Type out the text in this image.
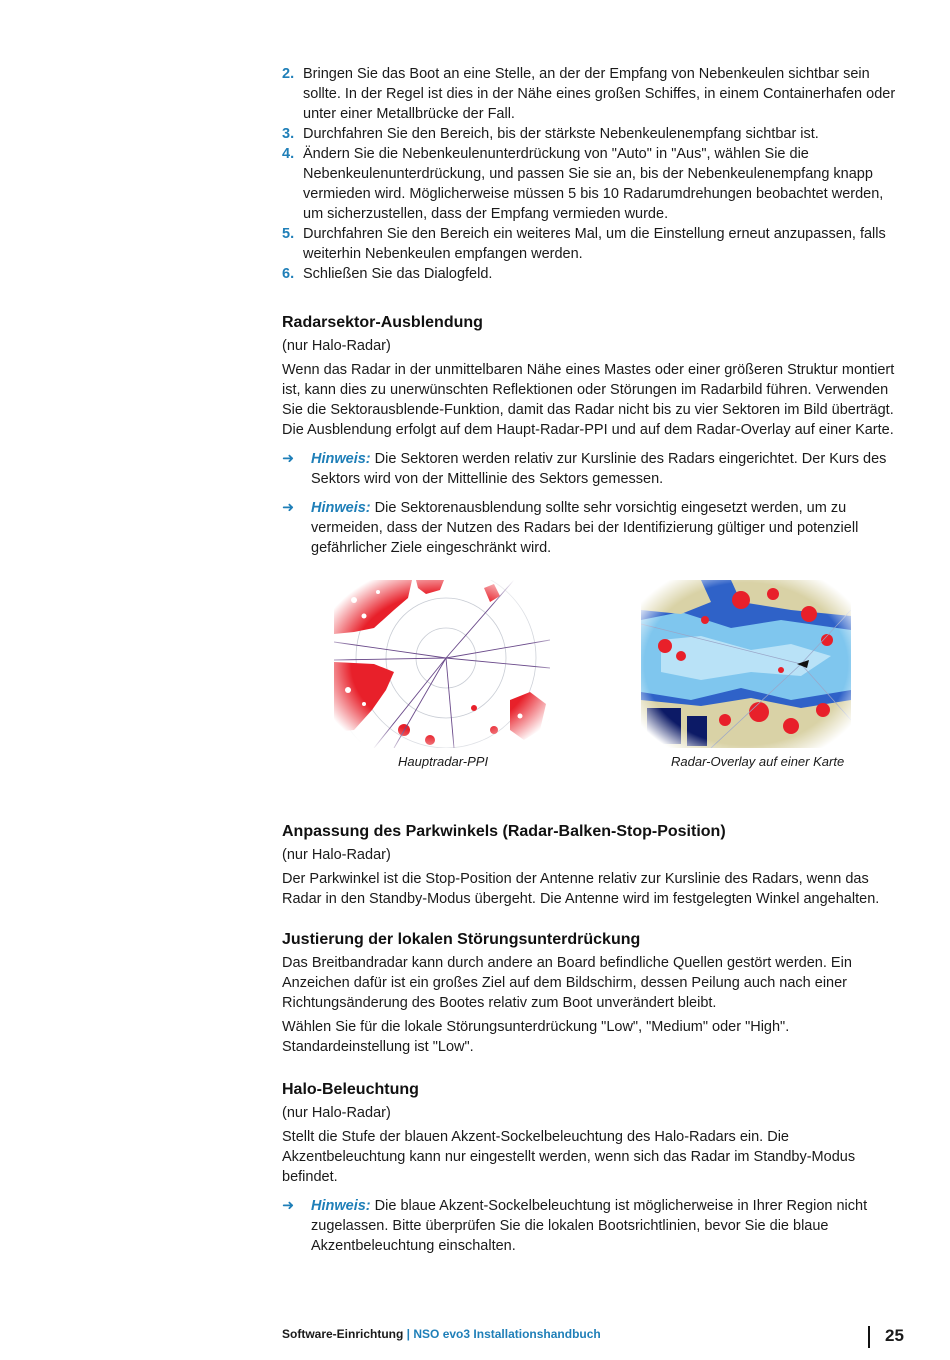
2. Bringen Sie das Boot an eine Stelle, an der der Empfang von Nebenkeulen sichtbar sein sollte. In der Regel ist dies in der Nähe eines großen Schiffes, in einem Containerhafen oder unter einer Metallbrücke der Fall.
3. Durchfahren Sie den Bereich, bis der stärkste Nebenkeulenempfang sichtbar ist.
4. Ändern Sie die Nebenkeulenunterdrückung von "Auto" in "Aus", wählen Sie die Nebenkeulenunterdrückung, und passen Sie sie an, bis der Nebenkeulenempfang knapp vermieden wird. Möglicherweise müssen 5 bis 10 Radarumdrehungen beobachtet werden, um sicherzustellen, dass der Empfang vermieden wurde.
5. Durchfahren Sie den Bereich ein weiteres Mal, um die Einstellung erneut anzupassen, falls weiterhin Nebenkeulen empfangen werden.
6. Schließen Sie das Dialogfeld.
Radarsektor-Ausblendung

(nur Halo-Radar)

Wenn das Radar in der unmittelbaren Nähe eines Mastes oder einer größeren Struktur montiert ist, kann dies zu unerwünschten Reflektionen oder Störungen im Radarbild führen. Verwenden Sie die Sektorausblende-Funktion, damit das Radar nicht bis zu vier Sektoren im Bild überträgt. Die Ausblendung erfolgt auf dem Haupt-Radar-PPI und auf dem Radar-Overlay auf einer Karte.

➜ Hinweis: Die Sektoren werden relativ zur Kurslinie des Radars eingerichtet. Der Kurs des Sektors wird von der Mittellinie des Sektors gemessen.

➜ Hinweis: Die Sektorenausblendung sollte sehr vorsichtig eingesetzt werden, um zu vermeiden, dass der Nutzen des Radars bei der Identifizierung gültiger und potenziell gefährlicher Ziele eingeschränkt wird.

Hauptradar-PPI	Radar-Overlay auf einer Karte
Anpassung des Parkwinkels (Radar-Balken-Stop-Position)

(nur Halo-Radar)

Der Parkwinkel ist die Stop-Position der Antenne relativ zur Kurslinie des Radars, wenn das Radar in den Standby-Modus übergeht. Die Antenne wird im festgelegten Winkel angehalten.

Justierung der lokalen Störungsunterdrückung

Das Breitbandradar kann durch andere an Board befindliche Quellen gestört werden. Ein Anzeichen dafür ist ein großes Ziel auf dem Bildschirm, dessen Peilung auch nach einer Richtungsänderung des Bootes relativ zum Boot unverändert bleibt.

Wählen Sie für die lokale Störungsunterdrückung "Low", "Medium" oder "High". Standardeinstellung ist "Low".

Halo-Beleuchtung

(nur Halo-Radar)

Stellt die Stufe der blauen Akzent-Sockelbeleuchtung des Halo-Radars ein. Die Akzentbeleuchtung kann nur eingestellt werden, wenn sich das Radar im Standby-Modus befindet.

➜ Hinweis: Die blaue Akzent-Sockelbeleuchtung ist möglicherweise in Ihrer Region nicht zugelassen. Bitte überprüfen Sie die lokalen Bootsrichtlinien, bevor Sie die blaue Akzentbeleuchtung einschalten.

Software-Einrichtung | NSO evo3 Installationshandbuch	25
